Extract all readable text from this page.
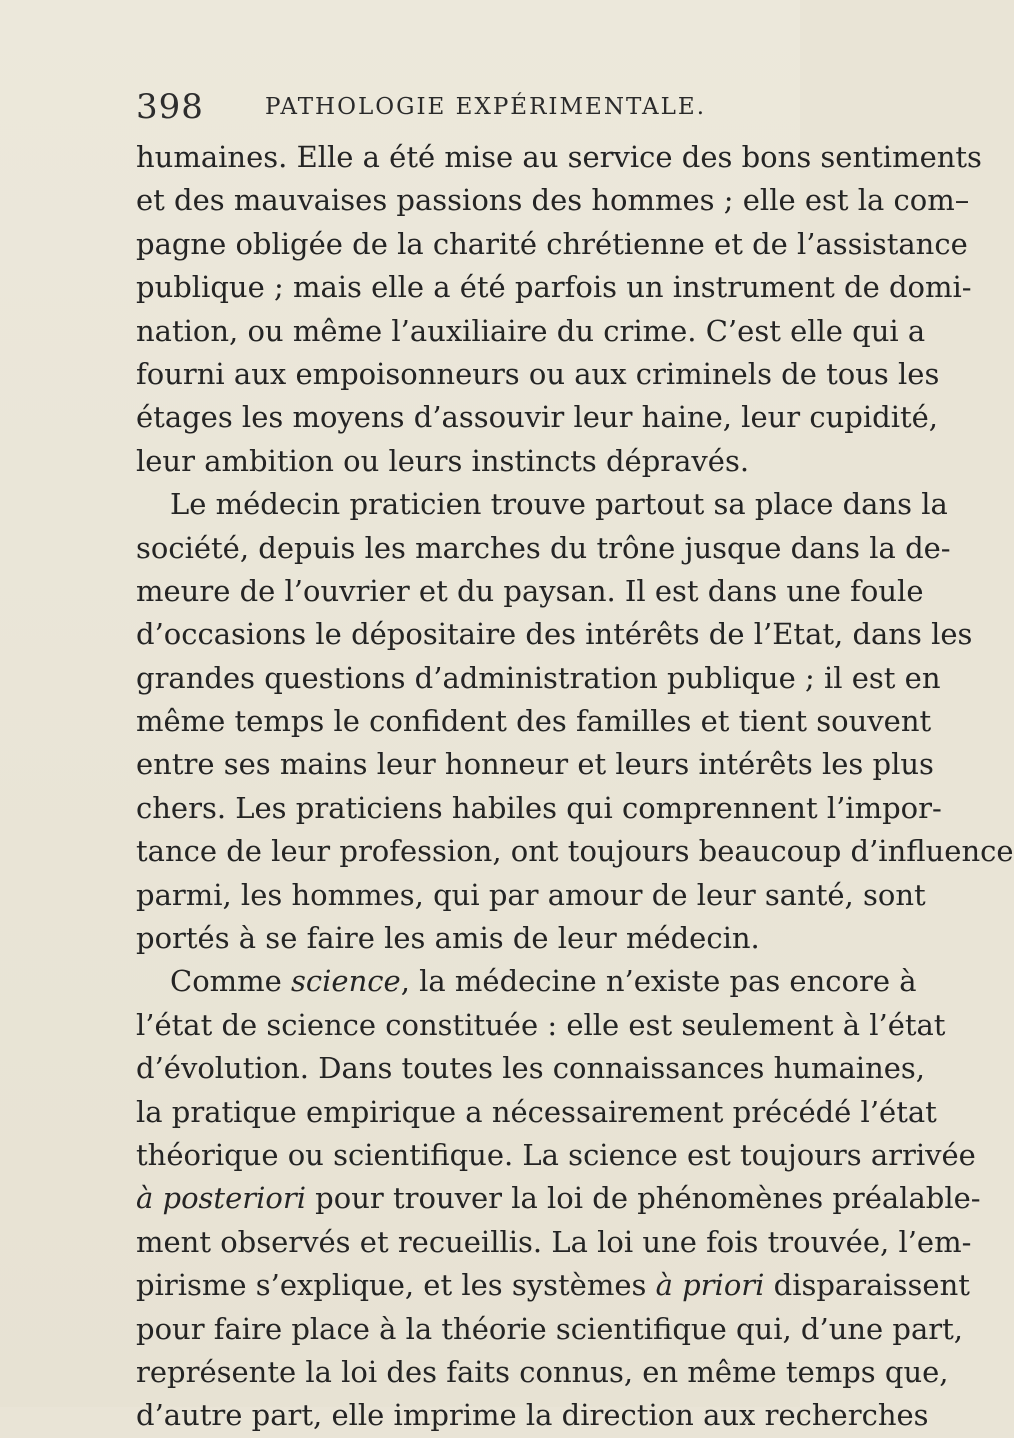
398	PATHOLOGIE EXPÉRIMENTALE.
humaines. Elle a été mise au service des bons sentiments
et des mauvaises passions des hommes ; elle est la com–
pagne obligée de la charité chrétienne et de l’assistance
publique ; mais elle a été parfois un instrument de domi-
nation, ou même l’auxiliaire du crime. C’est elle qui a
fourni aux empoisonneurs ou aux criminels de tous les
étages les moyens d’assouvir leur haine, leur cupidité,
leur ambition ou leurs instincts dépravés.
Le médecin praticien trouve partout sa place dans la
société, depuis les marches du trône jusque dans la de-
meure de l’ouvrier et du paysan. Il est dans une foule
d’occasions le dépositaire des intérêts de l’Etat, dans les
grandes questions d’administration publique ; il est en
même temps le confident des familles et tient souvent
entre ses mains leur honneur et leurs intérêts les plus
chers. Les praticiens habiles qui comprennent l’impor-
tance de leur profession, ont toujours beaucoup d’influence
parmi, les hommes, qui par amour de leur santé, sont
portés à se faire les amis de leur médecin.
Comme science, la médecine n’existe pas encore à
l’état de science constituée : elle est seulement à l’état
d’évolution. Dans toutes les connaissances humaines,
la pratique empirique a nécessairement précédé l’état
théorique ou scientifique. La science est toujours arrivée
à posteriori pour trouver la loi de phénomènes préalable-
ment observés et recueillis. La loi une fois trouvée, l’em-
pirisme s’explique, et les systèmes à priori disparaissent
pour faire place à la théorie scientifique qui, d’une part,
représente la loi des faits connus, en même temps que,
d’autre part, elle imprime la direction aux recherches
